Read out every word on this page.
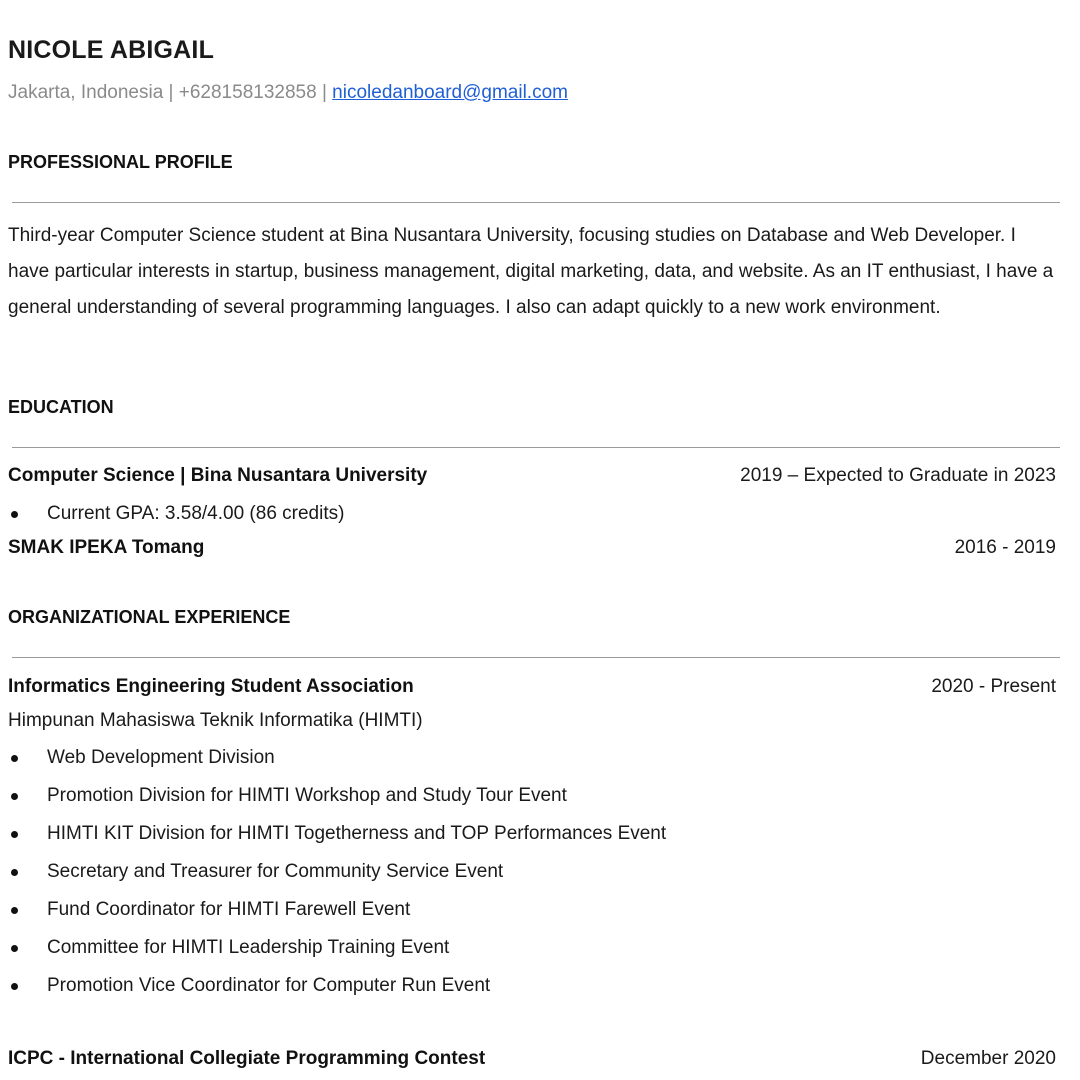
NICOLE ABIGAIL
Jakarta, Indonesia | +628158132858 | nicoledanboard@gmail.com
PROFESSIONAL PROFILE
Third-year Computer Science student at Bina Nusantara University, focusing studies on Database and Web Developer. I have particular interests in startup, business management, digital marketing, data, and website. As an IT enthusiast, I have a general understanding of several programming languages. I also can adapt quickly to a new work environment.
EDUCATION
Computer Science | Bina Nusantara University	2019 – Expected to Graduate in 2023
Current GPA: 3.58/4.00 (86 credits)
SMAK IPEKA Tomang	2016 - 2019
ORGANIZATIONAL EXPERIENCE
Informatics Engineering Student Association	2020 - Present
Himpunan Mahasiswa Teknik Informatika (HIMTI)
Web Development Division
Promotion Division for HIMTI Workshop and Study Tour Event
HIMTI KIT Division for HIMTI Togetherness and TOP Performances Event
Secretary and Treasurer for Community Service Event
Fund Coordinator for HIMTI Farewell Event
Committee for HIMTI Leadership Training Event
Promotion Vice Coordinator for Computer Run Event
ICPC - International Collegiate Programming Contest	December 2020
